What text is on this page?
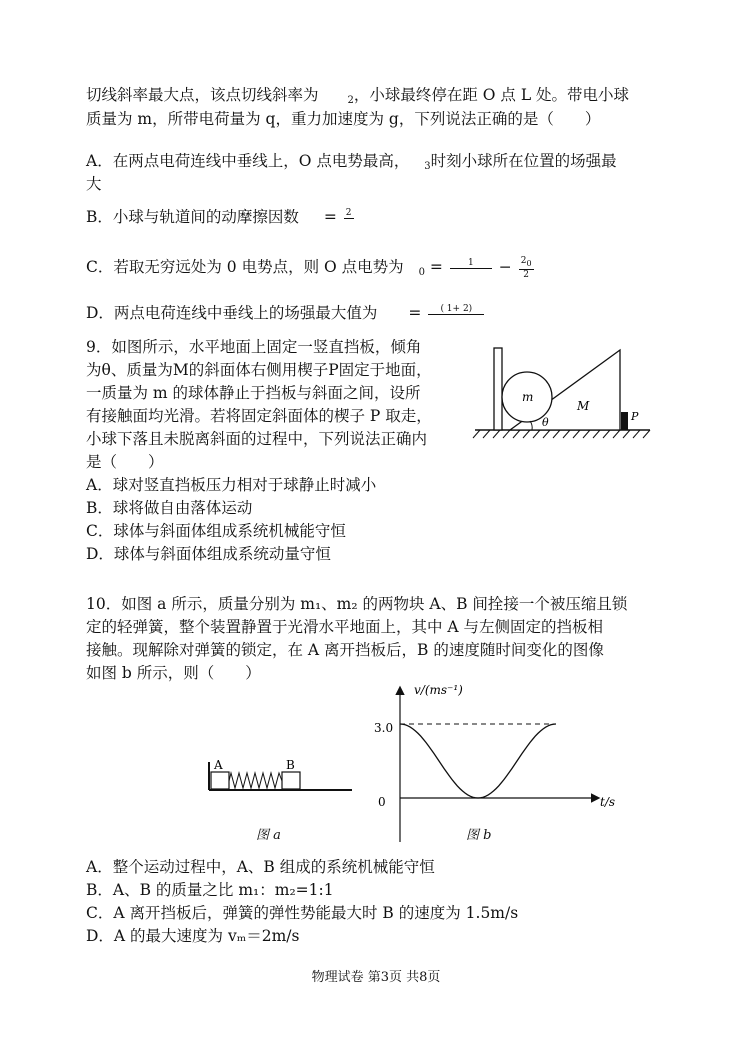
切线斜率最大点，该点切线斜率为	$_2$，小球最终停在距 O 点 L 处。带电小球
质量为 m，所带电荷量为 q，重力加速度为 g，下列说法正确的是（　　）
A．在两点电荷连线中垂线上，O 点电势最高， $_3$时刻小球所在位置的场强最
大
B．小球与轨道间的动摩擦因数 = 2

C．若取无穷远处为 0 电势点，则 O 点电势为 $_0$ =	1
	− $\frac{20}{2}$
D．两点电荷连线中垂线上的场强最大值为 =	( 1+ 2)

9．如图所示，水平地面上固定一竖直挡板，倾角
为θ、质量为M的斜面体右侧用楔子P固定于地面，
一质量为 m 的球体静止于挡板与斜面之间，设所
有接触面均光滑。若将固定斜面体的楔子 P 取走，
小球下落且未脱离斜面的过程中，下列说法正确内
是（　　）
A．球对竖直挡板压力相对于球静止时减小
B．球将做自由落体运动
C．球体与斜面体组成系统机械能守恒
D．球体与斜面体组成系统动量守恒
m
M
θ	P
10．如图 a 所示，质量分别为 m₁、m₂ 的两物块 A、B 间拴接一个被压缩且锁
定的轻弹簧，整个装置静置于光滑水平地面上，其中 A 与左侧固定的挡板相
接触。现解除对弹簧的锁定，在 A 离开挡板后，B 的速度随时间变化的图像
如图 b 所示，则（　　）
A	B
图 a
v/(ms⁻¹)
t/s
0
3.0
图 b
A．整个运动过程中，A、B 组成的系统机械能守恒
B．A、B 的质量之比 m₁：m₂=1:1
C．A 离开挡板后，弹簧的弹性势能最大时 B 的速度为 1.5m/s
D．A 的最大速度为 vₘ＝2m/s
物理试卷 第3页 共8页
